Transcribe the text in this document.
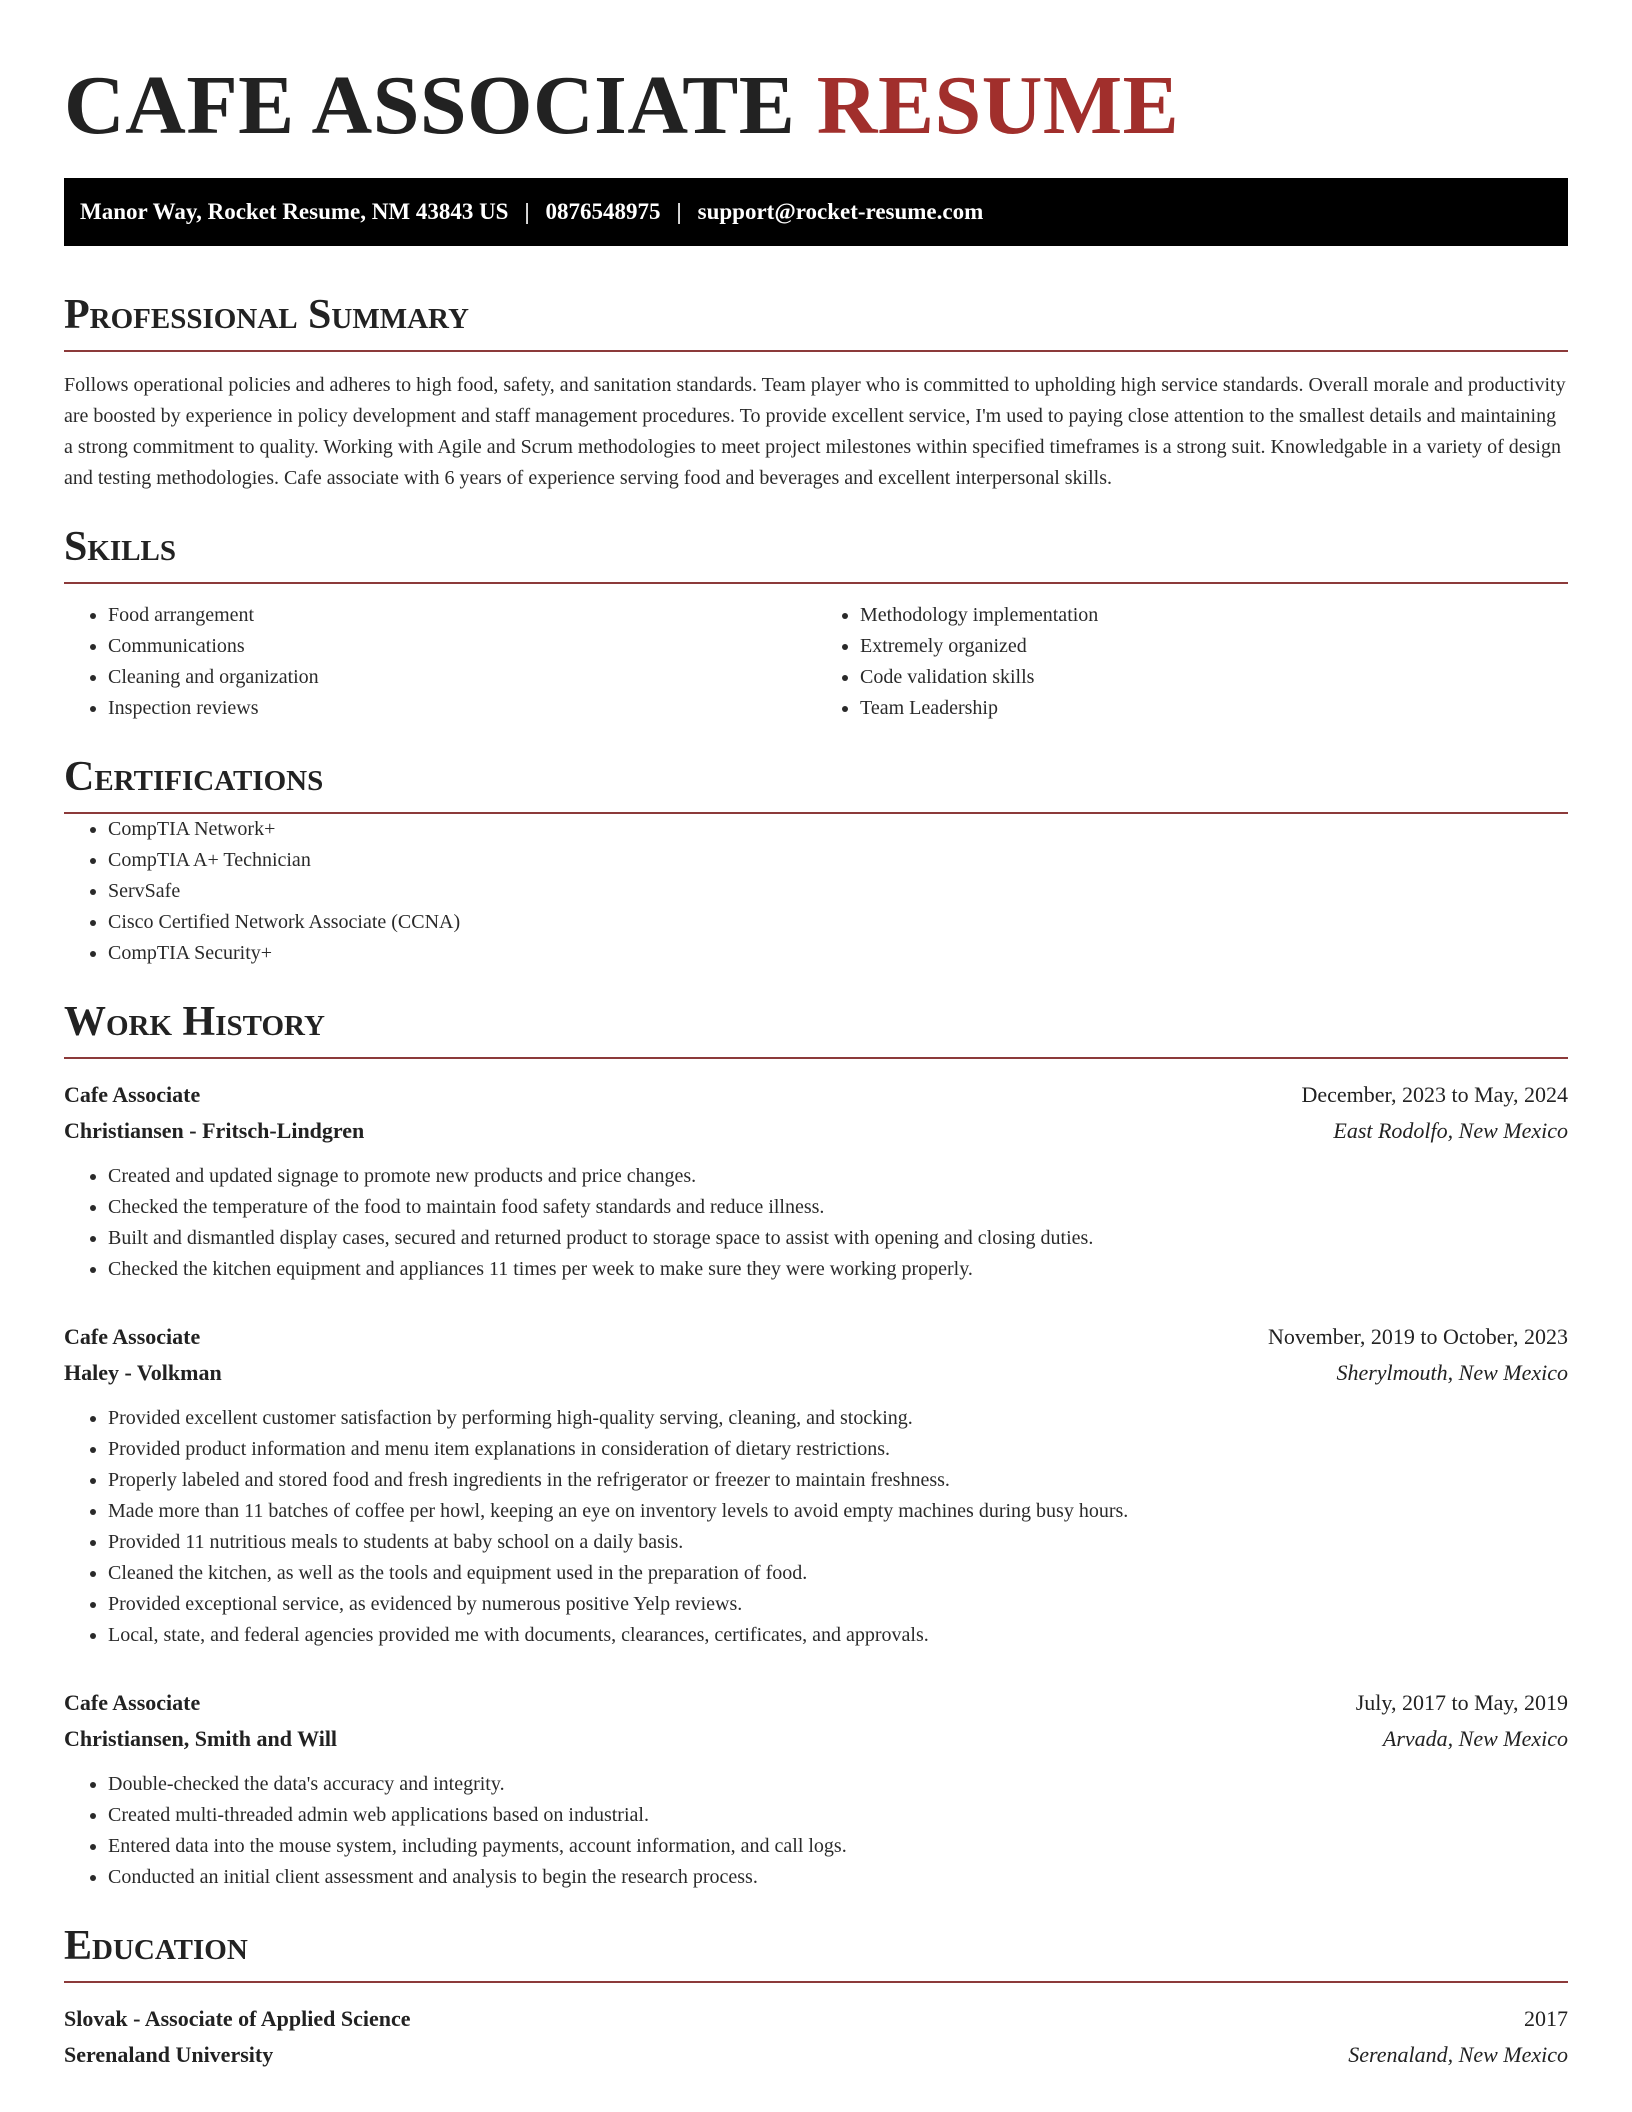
CAFE ASSOCIATE RESUME
Manor Way, Rocket Resume, NM 43843 US | 0876548975 | support@rocket-resume.com
Professional Summary

Follows operational policies and adheres to high food, safety, and sanitation standards. Team player who is committed to upholding high service standards. Overall morale and productivity are boosted by experience in policy development and staff management procedures. To provide excellent service, I'm used to paying close attention to the smallest details and maintaining a strong commitment to quality. Working with Agile and Scrum methodologies to meet project milestones within specified timeframes is a strong suit. Knowledgable in a variety of design and testing methodologies. Cafe associate with 6 years of experience serving food and beverages and excellent interpersonal skills.

Skills
• Food arrangement
• Communications
• Cleaning and organization
• Inspection reviews
• Methodology implementation
• Extremely organized
• Code validation skills
• Team Leadership
Certifications
• CompTIA Network+
• CompTIA A+ Technician
• ServSafe
• Cisco Certified Network Associate (CCNA)
• CompTIA Security+
Work History
Cafe Associate	December, 2023 to May, 2024
Christiansen - Fritsch-Lindgren	East Rodolfo, New Mexico
• Created and updated signage to promote new products and price changes.
• Checked the temperature of the food to maintain food safety standards and reduce illness.
• Built and dismantled display cases, secured and returned product to storage space to assist with opening and closing duties.
• Checked the kitchen equipment and appliances 11 times per week to make sure they were working properly.
Cafe Associate	November, 2019 to October, 2023
Haley - Volkman	Sherylmouth, New Mexico
• Provided excellent customer satisfaction by performing high-quality serving, cleaning, and stocking.
• Provided product information and menu item explanations in consideration of dietary restrictions.
• Properly labeled and stored food and fresh ingredients in the refrigerator or freezer to maintain freshness.
• Made more than 11 batches of coffee per howl, keeping an eye on inventory levels to avoid empty machines during busy hours.
• Provided 11 nutritious meals to students at baby school on a daily basis.
• Cleaned the kitchen, as well as the tools and equipment used in the preparation of food.
• Provided exceptional service, as evidenced by numerous positive Yelp reviews.
• Local, state, and federal agencies provided me with documents, clearances, certificates, and approvals.
Cafe Associate	July, 2017 to May, 2019
Christiansen, Smith and Will	Arvada, New Mexico
• Double-checked the data's accuracy and integrity.
• Created multi-threaded admin web applications based on industrial.
• Entered data into the mouse system, including payments, account information, and call logs.
• Conducted an initial client assessment and analysis to begin the research process.
Education
Slovak - Associate of Applied Science	2017
Serenaland University	Serenaland, New Mexico
